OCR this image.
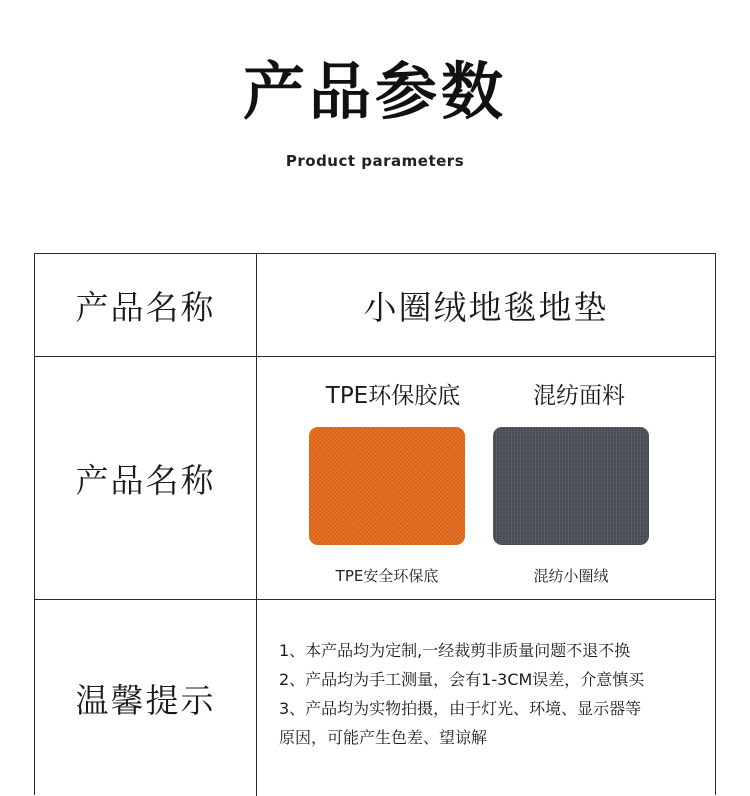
产品参数
Product parameters
产品名称	小圈绒地毯地垫
产品名称
TPE环保胶底	混纺面料
TPE安全环保底	混纺小圈绒
温馨提示
1、本产品均为定制,一经裁剪非质量问题不退不换
2、产品均为手工测量，会有1-3CM误差，介意慎买
3、产品均为实物拍摄，由于灯光、环境、显示器等
原因，可能产生色差、望谅解
